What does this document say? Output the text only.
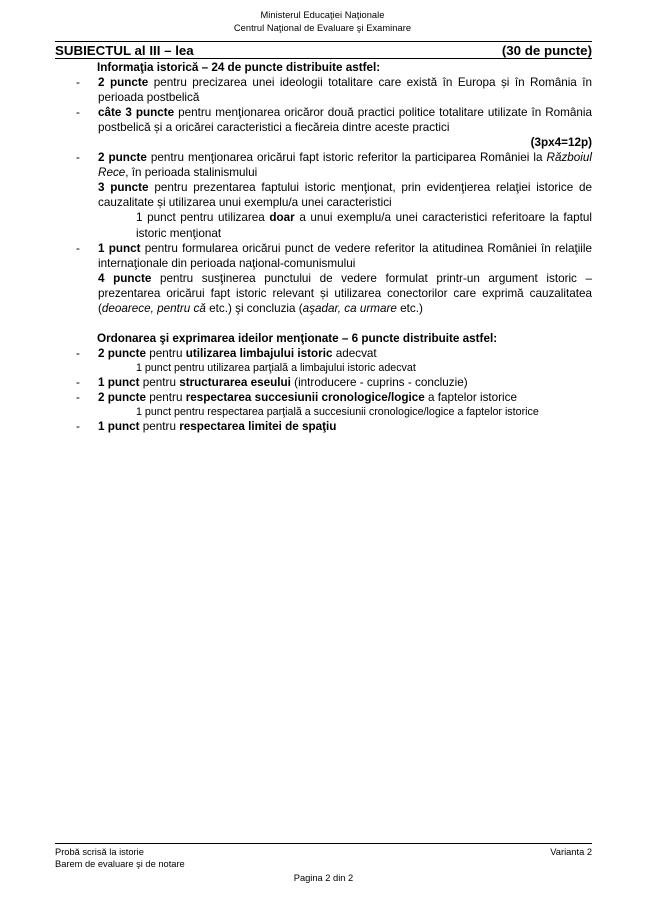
Ministerul Educaţiei Naţionale
Centrul Naţional de Evaluare şi Examinare
SUBIECTUL al III – lea	(30 de puncte)

Informaţia istorică – 24 de puncte distribuite astfel:

- 2 puncte pentru precizarea unei ideologii totalitare care există în Europa și în România în perioada postbelică

- câte 3 puncte pentru menţionarea oricăror două practici politice totalitare utilizate în România postbelică și a oricărei caracteristici a fiecăreia dintre aceste practici

(3px4=12p)

- 2 puncte pentru menţionarea oricărui fapt istoric referitor la participarea României la Războiul Rece, în perioada stalinismului

3 puncte pentru prezentarea faptului istoric menţionat, prin evidenţierea relaţiei istorice de cauzalitate și utilizarea unui exemplu/a unei caracteristici

1 punct pentru utilizarea doar a unui exemplu/a unei caracteristici referitoare la faptul istoric menţionat

- 1 punct pentru formularea oricărui punct de vedere referitor la atitudinea României în relaţiile internaţionale din perioada naţional-comunismului

4 puncte pentru susţinerea punctului de vedere formulat printr-un argument istoric – prezentarea oricărui fapt istoric relevant și utilizarea conectorilor care exprimă cauzalitatea (deoarece, pentru că etc.) şi concluzia (aşadar, ca urmare etc.)

Ordonarea şi exprimarea ideilor menţionate – 6 puncte distribuite astfel:

- 2 puncte pentru utilizarea limbajului istoric adecvat

1 punct pentru utilizarea parţială a limbajului istoric adecvat

- 1 punct pentru structurarea eseului (introducere - cuprins - concluzie)

- 2 puncte pentru respectarea succesiunii cronologice/logice a faptelor istorice

1 punct pentru respectarea parţială a succesiunii cronologice/logice a faptelor istorice

- 1 punct pentru respectarea limitei de spaţiu

Probă scrisă la istorie	Varianta 2
Barem de evaluare şi de notare
Pagina 2 din 2
